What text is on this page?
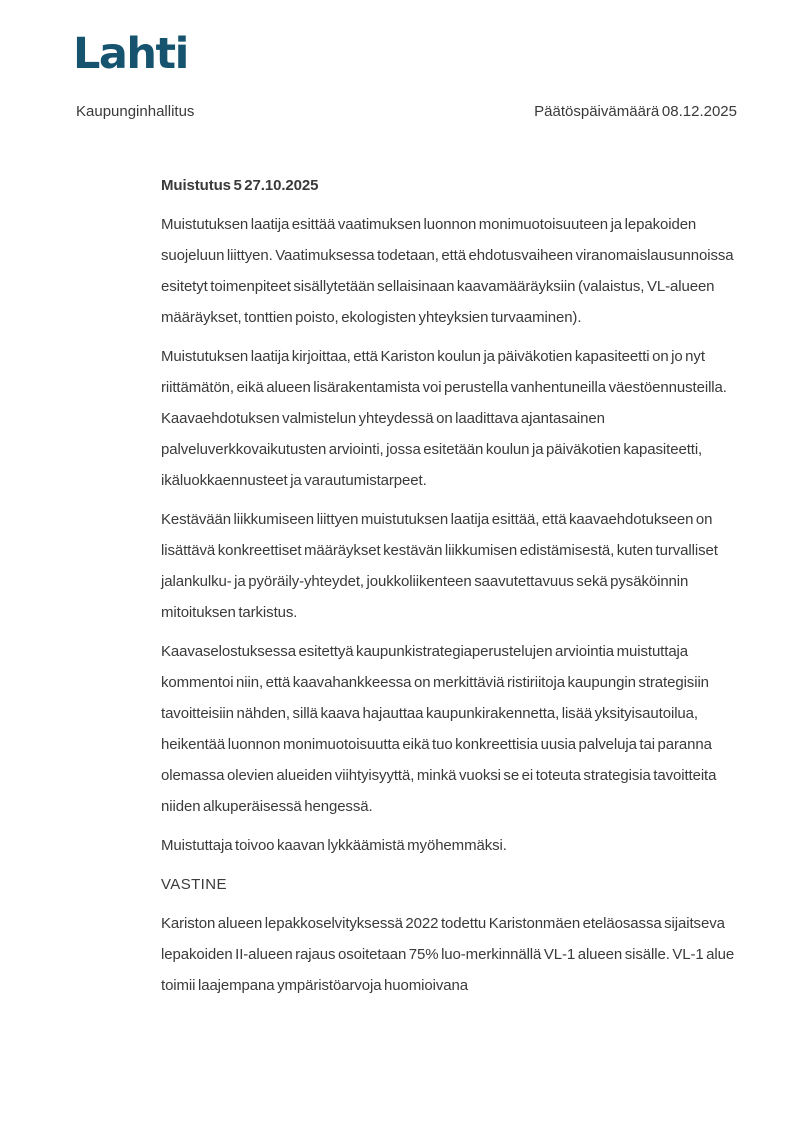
Lahti
Kaupunginhallitus	Päätöspäivämäärä 08.12.2025

Muistutus 5 27.10.2025

Muistutuksen laatija esittää vaatimuksen luonnon monimuotoisuuteen ja lepakoiden suojeluun liittyen. Vaatimuksessa todetaan, että ehdotusvaiheen viranomaislausunnoissa esitetyt toimenpiteet sisällytetään sellaisinaan kaavamääräyksiin (valaistus, VL-alueen määräykset, tonttien poisto, ekologisten yhteyksien turvaaminen).

Muistutuksen laatija kirjoittaa, että Kariston koulun ja päiväkotien kapasiteetti on jo nyt riittämätön, eikä alueen lisärakentamista voi perustella vanhentuneilla väestöennusteilla. Kaavaehdotuksen valmistelun yhteydessä on laadittava ajantasainen palveluverkkovaikutusten arviointi, jossa esitetään koulun ja päiväkotien kapasiteetti, ikäluokkaennusteet ja varautumistarpeet.

Kestävään liikkumiseen liittyen muistutuksen laatija esittää, että kaavaehdotukseen on lisättävä konkreettiset määräykset kestävän liikkumisen edistämisestä, kuten turvalliset jalankulku- ja pyöräily-yhteydet, joukkoliikenteen saavutettavuus sekä pysäköinnin mitoituksen tarkistus.

Kaavaselostuksessa esitettyä kaupunkistrategiaperustelujen arviointia muistuttaja kommentoi niin, että kaavahankkeessa on merkittäviä ristiriitoja kaupungin strategisiin tavoitteisiin nähden, sillä kaava hajauttaa kaupunkirakennetta, lisää yksityisautoilua, heikentää luonnon monimuotoisuutta eikä tuo konkreettisia uusia palveluja tai paranna olemassa olevien alueiden viihtyisyyttä, minkä vuoksi se ei toteuta strategisia tavoitteita niiden alkuperäisessä hengessä.

Muistuttaja toivoo kaavan lykkäämistä myöhemmäksi.

VASTINE

Kariston alueen lepakkoselvityksessä 2022 todettu Karistonmäen eteläosassa sijaitseva lepakoiden II-alueen rajaus osoitetaan 75% luo-merkinnällä VL-1 alueen sisälle. VL-1 alue toimii laajempana ympäristöarvoja huomioivana
